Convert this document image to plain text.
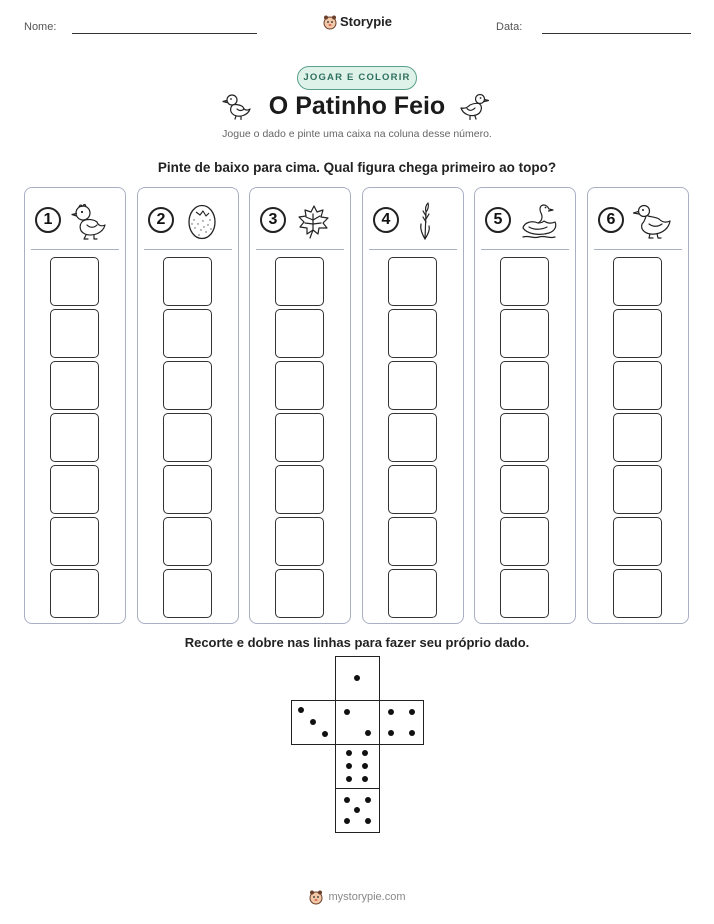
Nome:	Storypie	Data:
JOGAR E COLORIR
O Patinho Feio
Jogue o dado e pinte uma caixa na coluna desse número.
Pinte de baixo para cima. Qual figura chega primeiro ao topo?
1	2	3	4	5	6
Recorte e dobre nas linhas para fazer seu próprio dado.
mystorypie.com
